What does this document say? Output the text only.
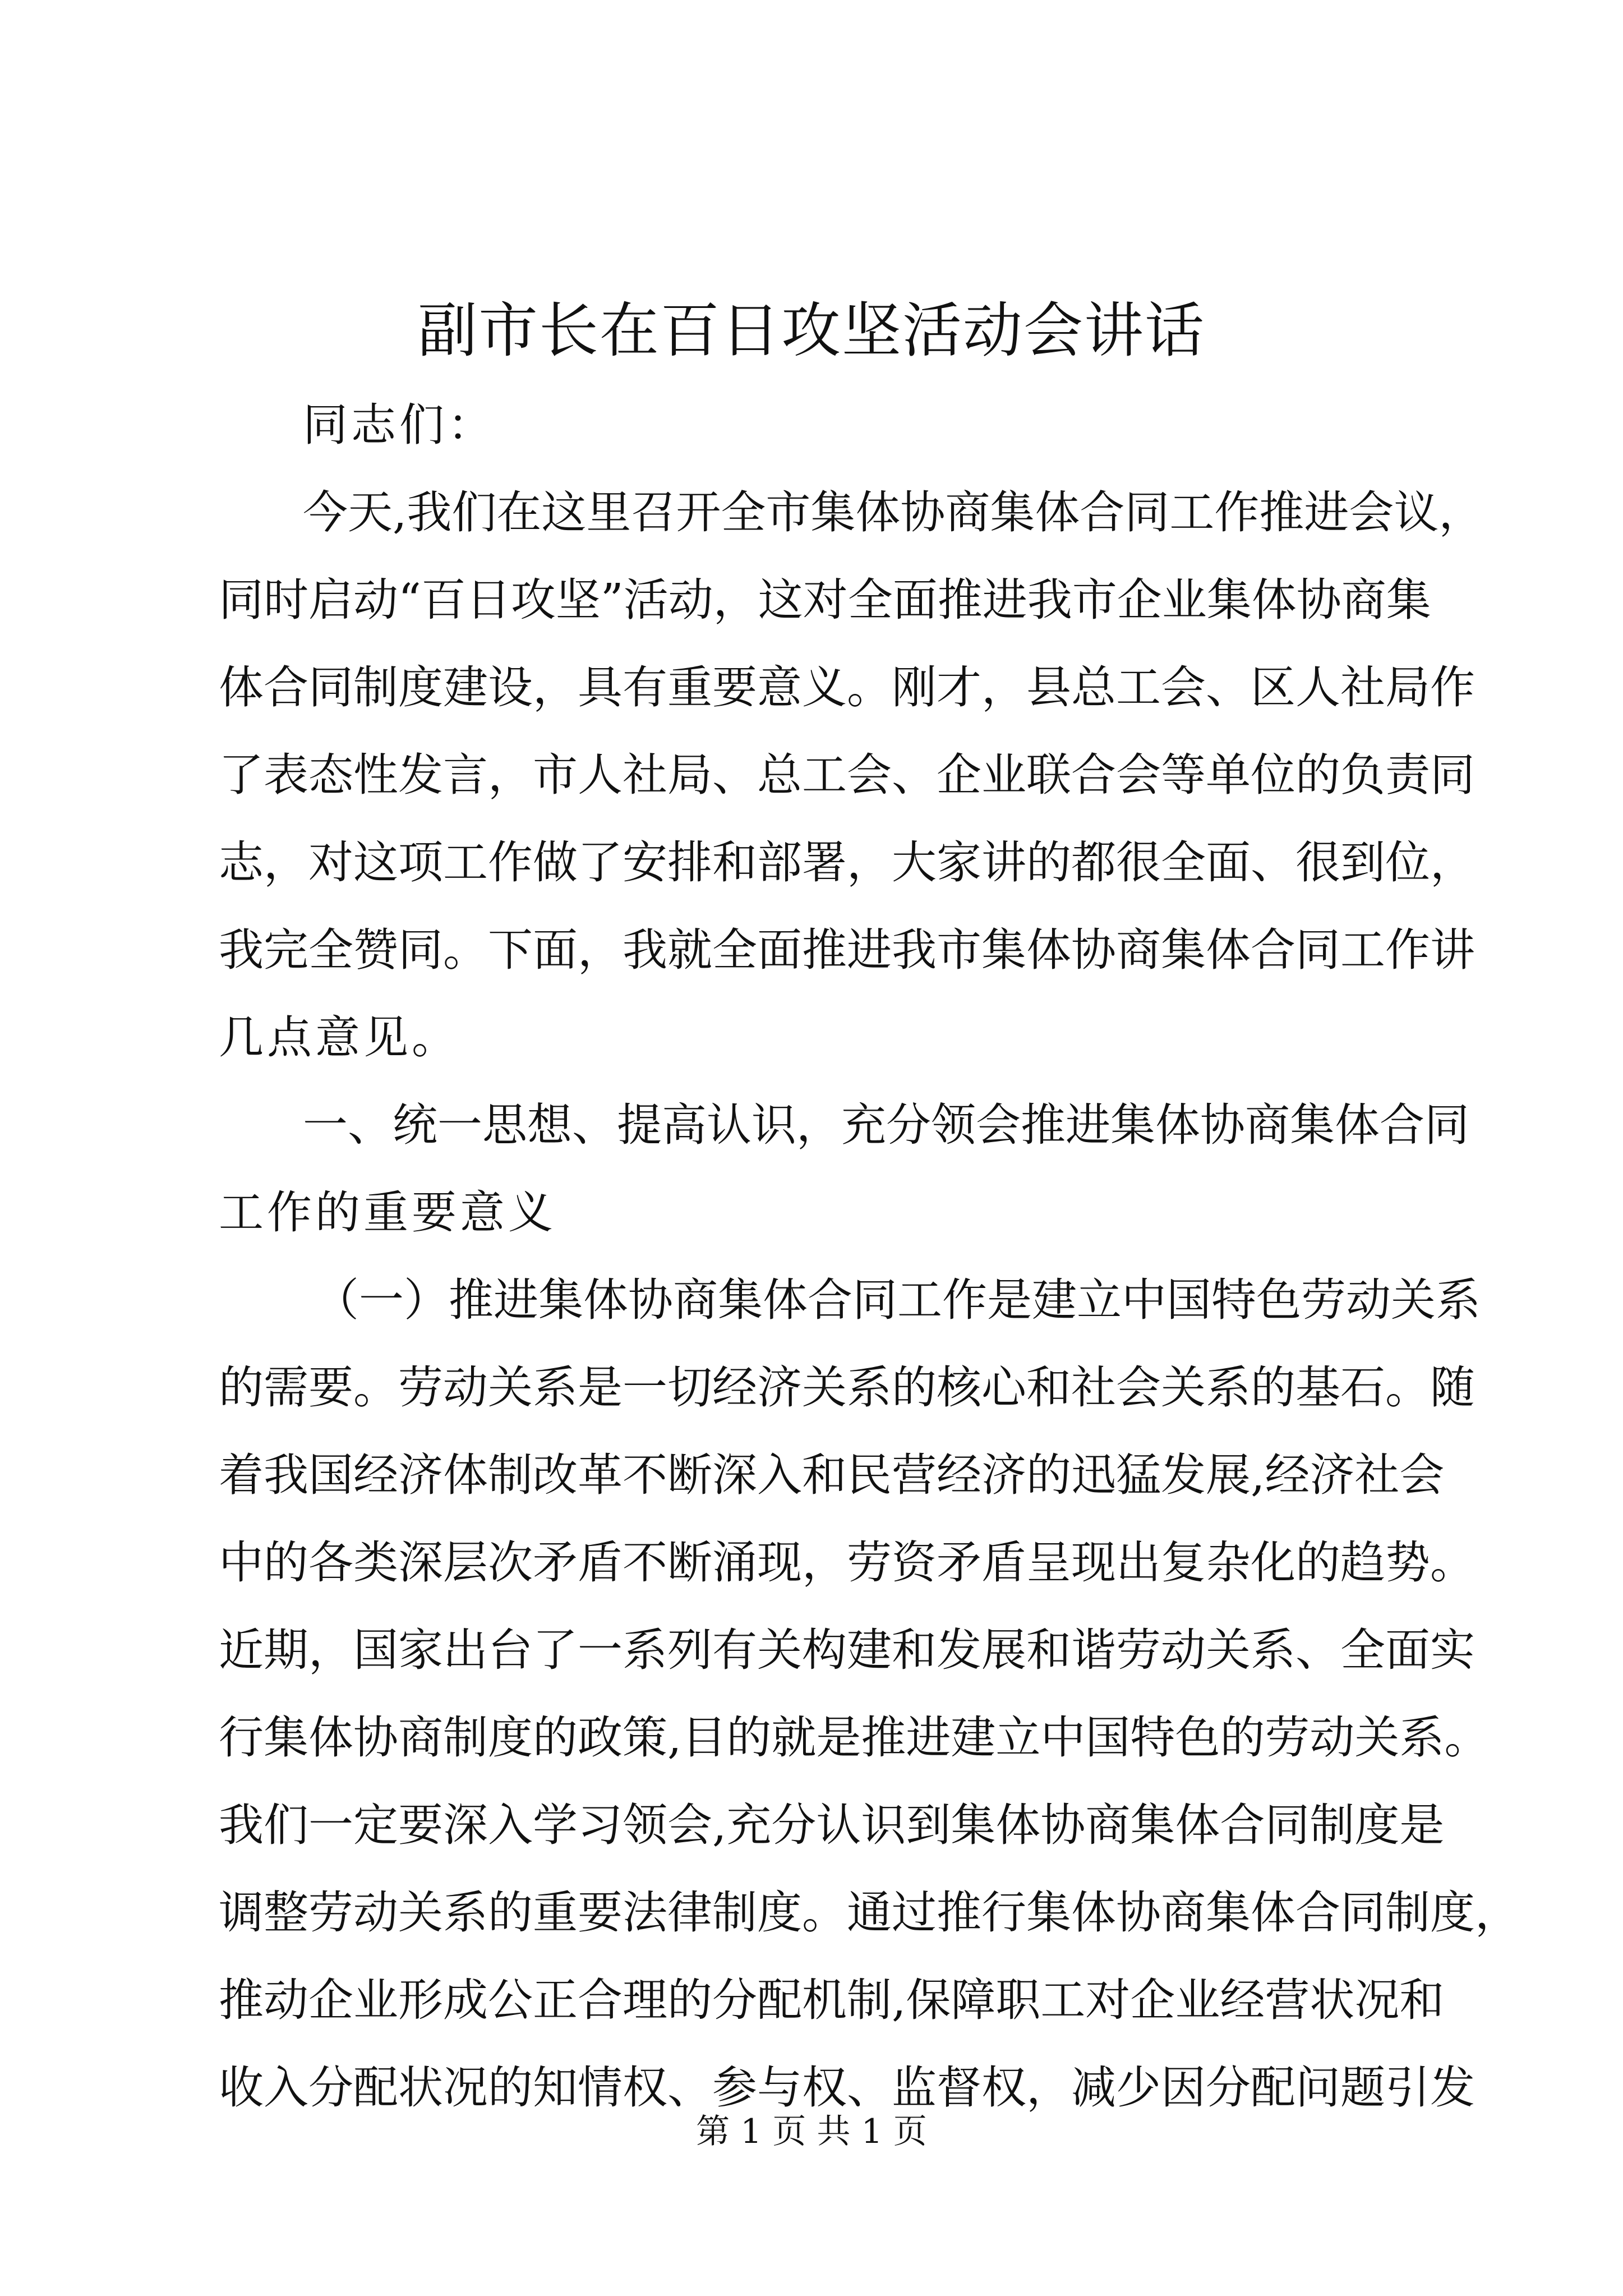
副市长在百日攻坚活动会讲话
同志们：
今天,我们在这里召开全市集体协商集体合同工作推进会议，
同时启动“百日攻坚”活动，这对全面推进我市企业集体协商集
体合同制度建设，具有重要意义。刚才，县总工会、区人社局作
了表态性发言，市人社局、总工会、企业联合会等单位的负责同
志，对这项工作做了安排和部署，大家讲的都很全面、很到位，
我完全赞同。下面，我就全面推进我市集体协商集体合同工作讲
几点意见。
一、统一思想、提高认识，充分领会推进集体协商集体合同
工作的重要意义
（一）推进集体协商集体合同工作是建立中国特色劳动关系
的需要。劳动关系是一切经济关系的核心和社会关系的基石。随
着我国经济体制改革不断深入和民营经济的迅猛发展,经济社会
中的各类深层次矛盾不断涌现，劳资矛盾呈现出复杂化的趋势。
近期，国家出台了一系列有关构建和发展和谐劳动关系、全面实
行集体协商制度的政策,目的就是推进建立中国特色的劳动关系。
我们一定要深入学习领会,充分认识到集体协商集体合同制度是
调整劳动关系的重要法律制度。通过推行集体协商集体合同制度，
推动企业形成公正合理的分配机制,保障职工对企业经营状况和
收入分配状况的知情权、参与权、监督权，减少因分配问题引发
第 1 页 共 1 页
